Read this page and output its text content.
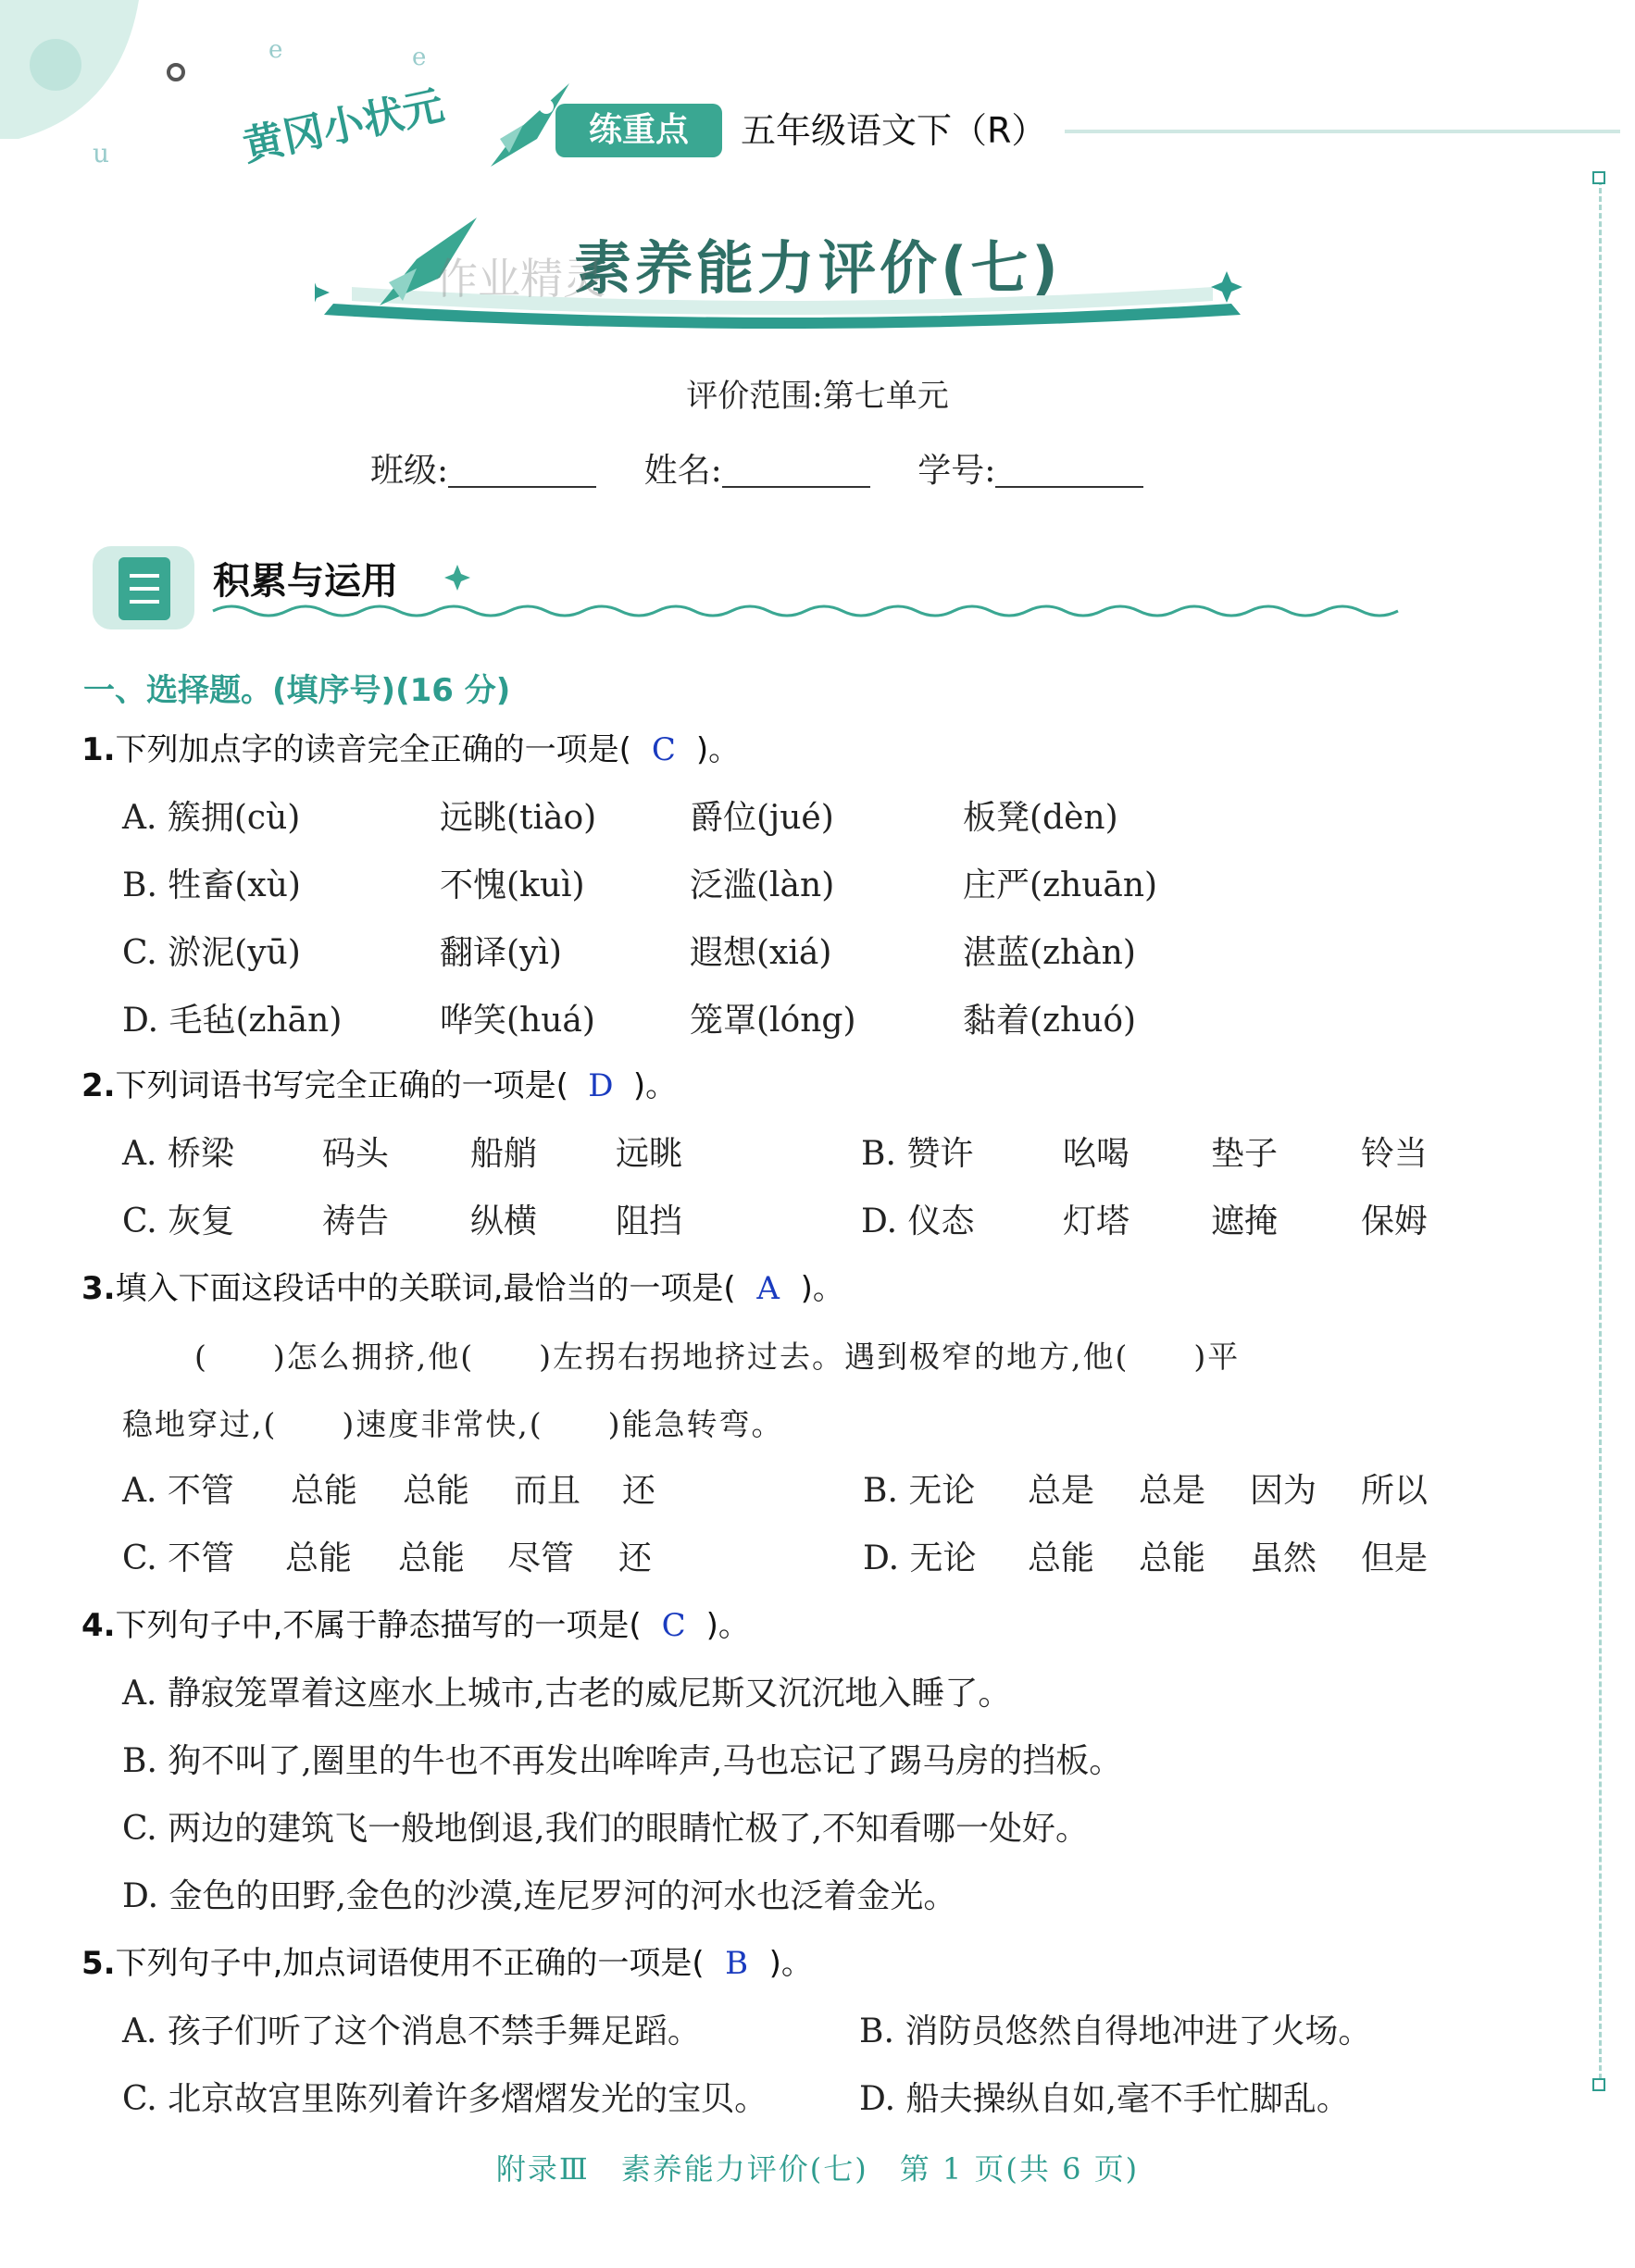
e	e
u	黄冈小状元	练重点	五年级语文下（R）
素养能力评价(七)
作业精灵
评价范围:第七单元
班级:	姓名:	学号:
积累与运用
一、选择题。(填序号)(16 分)
1.下列加点字的读音完全正确的一项是( C )。
A. 簇拥(cù)	远眺(tiào)	爵位(jué)	板凳(dèn)
B. 牲畜(xù)	不愧(kuì)	泛滥(làn)	庄严(zhuān)
C. 淤泥(yū)	翻译(yì)	遐想(xiá)	湛蓝(zhàn)
D. 毛毡(zhān)	哗笑(huá)	笼罩(lóng)	黏着(zhuó)
2.下列词语书写完全正确的一项是( D )。
A. 桥梁	码头 船艄 远眺	B. 赞许	吆喝 垫子 铃当
C. 灰复	祷告 纵横 阻挡	D. 仪态	灯塔 遮掩 保姆
3.填入下面这段话中的关联词,最恰当的一项是( A )。
(　　)怎么拥挤,他(　　)左拐右拐地挤过去。遇到极窄的地方,他(　　)平
稳地穿过,(　　)速度非常快,(　　)能急转弯。
A. 不管 总能 总能 而且 还	B. 无论 总是 总是 因为 所以
C. 不管 总能 总能 尽管 还	D. 无论 总能 总能 虽然 但是
4.下列句子中,不属于静态描写的一项是( C )。
A. 静寂笼罩着这座水上城市,古老的威尼斯又沉沉地入睡了。
B. 狗不叫了,圈里的牛也不再发出哞哞声,马也忘记了踢马房的挡板。
C. 两边的建筑飞一般地倒退,我们的眼睛忙极了,不知看哪一处好。
D. 金色的田野,金色的沙漠,连尼罗河的河水也泛着金光。
5.下列句子中,加点词语使用不正确的一项是( B )。
A. 孩子们听了这个消息不禁手舞足蹈。	B. 消防员悠然自得地冲进了火场。
C. 北京故宫里陈列着许多熠熠发光的宝贝。	D. 船夫操纵自如,毫不手忙脚乱。
附录Ⅲ　素养能力评价(七)　第 1 页(共 6 页)
